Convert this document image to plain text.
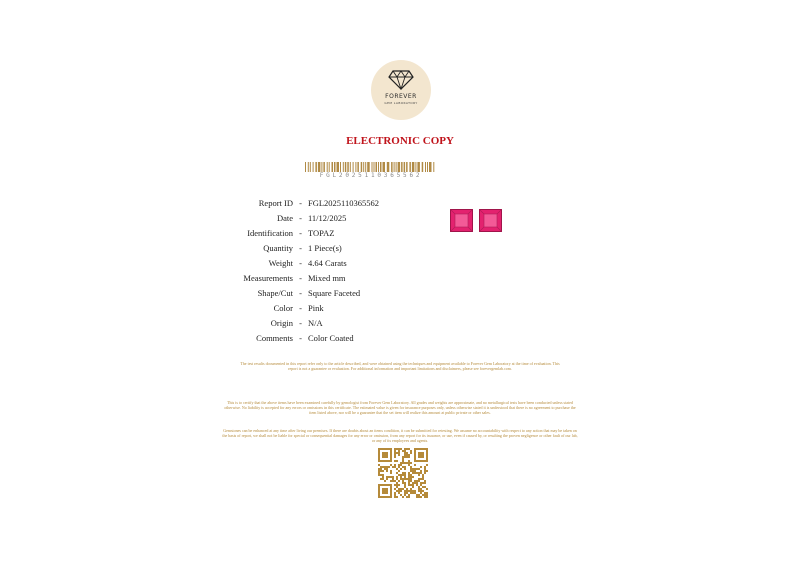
FOREVER
GEM LABORATORY
ELECTRONIC COPY
FGL2025110365562
Report ID - FGL2025110365562
Date - 11/12/2025
Identification - TOPAZ
Quantity - 1 Piece(s)
Weight - 4.64 Carats
Measurements - Mixed mm
Shape/Cut - Square Faceted
Color - Pink
Origin - N/A
Comments - Color Coated
The test results documented in this report refer only to the article described, and were obtained using the techniques and equipment available to Forever Gem Laboratory at the time of evaluation. This report is not a guarantee or evaluation. For additional information and important limitations and disclaimers, please see forevergemlab.com.
This is to certify that the above items have been examined carefully by gemologist from Forever Gem Laboratory. All grades and weights are approximate, and no metallurgical tests have been conducted unless stated otherwise. No liability is accepted for any errors or omissions in this certificate. The estimated value is given for insurance purposes only, unless otherwise stated it is understood that there is no agreement to purchase the item listed above, nor will be a guarantee that the set item will realize this amount at public private or other sales.
Gemstones can be enhanced at any time after living our premises. If there are doubts about an items condition, it can be submitted for retesting. We assume no accountability with respect to any action that may be taken on the basis of report, we shall not be liable for special or consequential damages for any error or omission, from any report for its issuance, or use, even if caused by, or resulting the proven negligence or other fault of our lab, or any of its employees and agents.
